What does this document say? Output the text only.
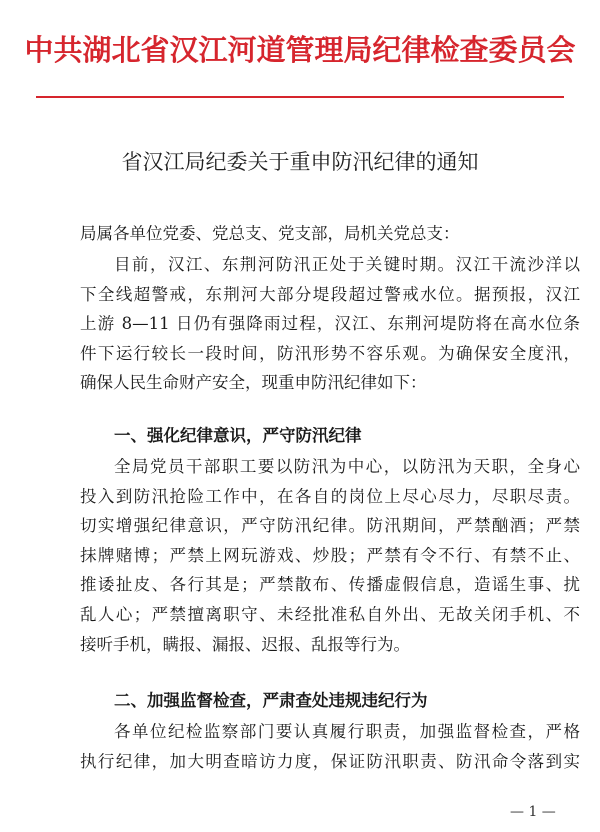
中共湖北省汉江河道管理局纪律检查委员会
省汉江局纪委关于重申防汛纪律的通知
局属各单位党委、党总支、党支部，局机关党总支：
目前，汉江、东荆河防汛正处于关键时期。汉江干流沙洋以
下全线超警戒，东荆河大部分堤段超过警戒水位。据预报，汉江
上游 8—11 日仍有强降雨过程，汉江、东荆河堤防将在高水位条
件下运行较长一段时间，防汛形势不容乐观。为确保安全度汛，
确保人民生命财产安全，现重申防汛纪律如下：
一、强化纪律意识，严守防汛纪律
全局党员干部职工要以防汛为中心，以防汛为天职，全身心
投入到防汛抢险工作中，在各自的岗位上尽心尽力，尽职尽责。
切实增强纪律意识，严守防汛纪律。防汛期间，严禁酗酒；严禁
抹牌赌博；严禁上网玩游戏、炒股；严禁有令不行、有禁不止、
推诿扯皮、各行其是；严禁散布、传播虚假信息，造谣生事、扰
乱人心；严禁擅离职守、未经批准私自外出、无故关闭手机、不
接听手机，瞒报、漏报、迟报、乱报等行为。
二、加强监督检查，严肃查处违规违纪行为
各单位纪检监察部门要认真履行职责，加强监督检查，严格
执行纪律，加大明查暗访力度，保证防汛职责、防汛命令落到实
— 1 —
